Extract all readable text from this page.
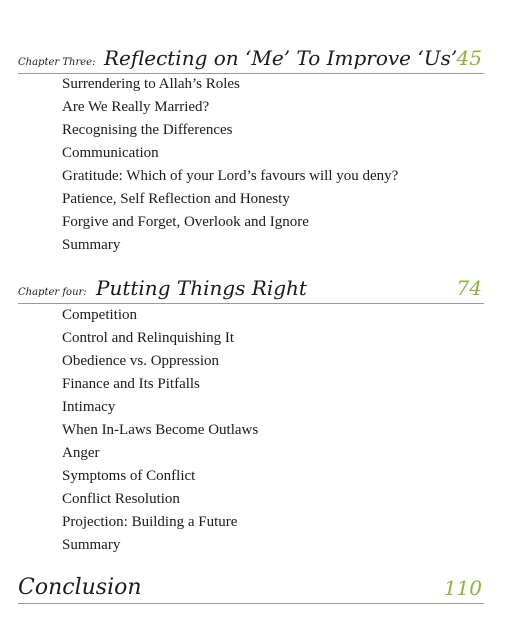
Chapter Three: Reflecting on ‘Me’ To Improve ‘Us’ 45
Surrendering to Allah’s Roles
Are We Really Married?
Recognising the Differences
Communication
Gratitude: Which of your Lord’s favours will you deny?
Patience, Self Reflection and Honesty
Forgive and Forget, Overlook and Ignore
Summary
Chapter four: Putting Things Right	74
Competition
Control and Relinquishing It
Obedience vs. Oppression
Finance and Its Pitfalls
Intimacy
When In-Laws Become Outlaws
Anger
Symptoms of Conflict
Conflict Resolution
Projection: Building a Future
Summary
Conclusion	110
